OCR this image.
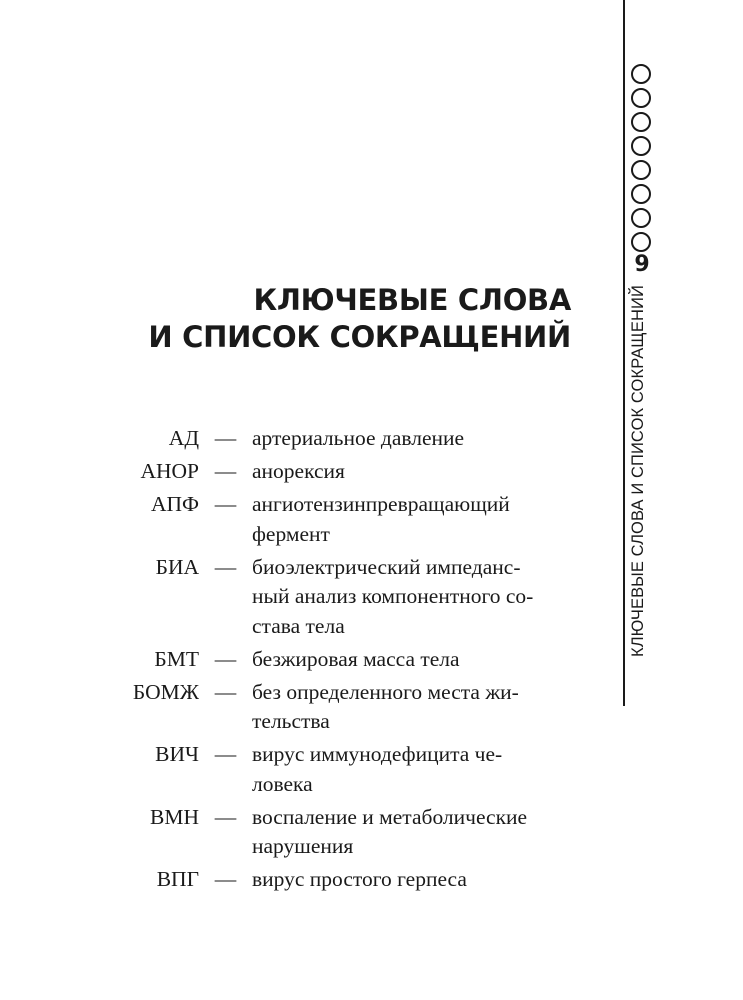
9
КЛЮЧЕВЫЕ СЛОВА И СПИСОК СОКРАЩЕНИЙ
КЛЮЧЕВЫЕ СЛОВА
И СПИСОК СОКРАЩЕНИЙ
АД — артериальное давление
АНОР — анорексия
АПФ — ангиотензинпревращающий
фермент
БИА — биоэлектрический импеданс-
ный анализ компонентного со-
става тела
БМТ — безжировая масса тела
БОМЖ — без определенного места жи-
тельства
ВИЧ — вирус иммунодефицита че-
ловека
ВМН — воспаление и метаболические
нарушения
ВПГ — вирус простого герпеса
